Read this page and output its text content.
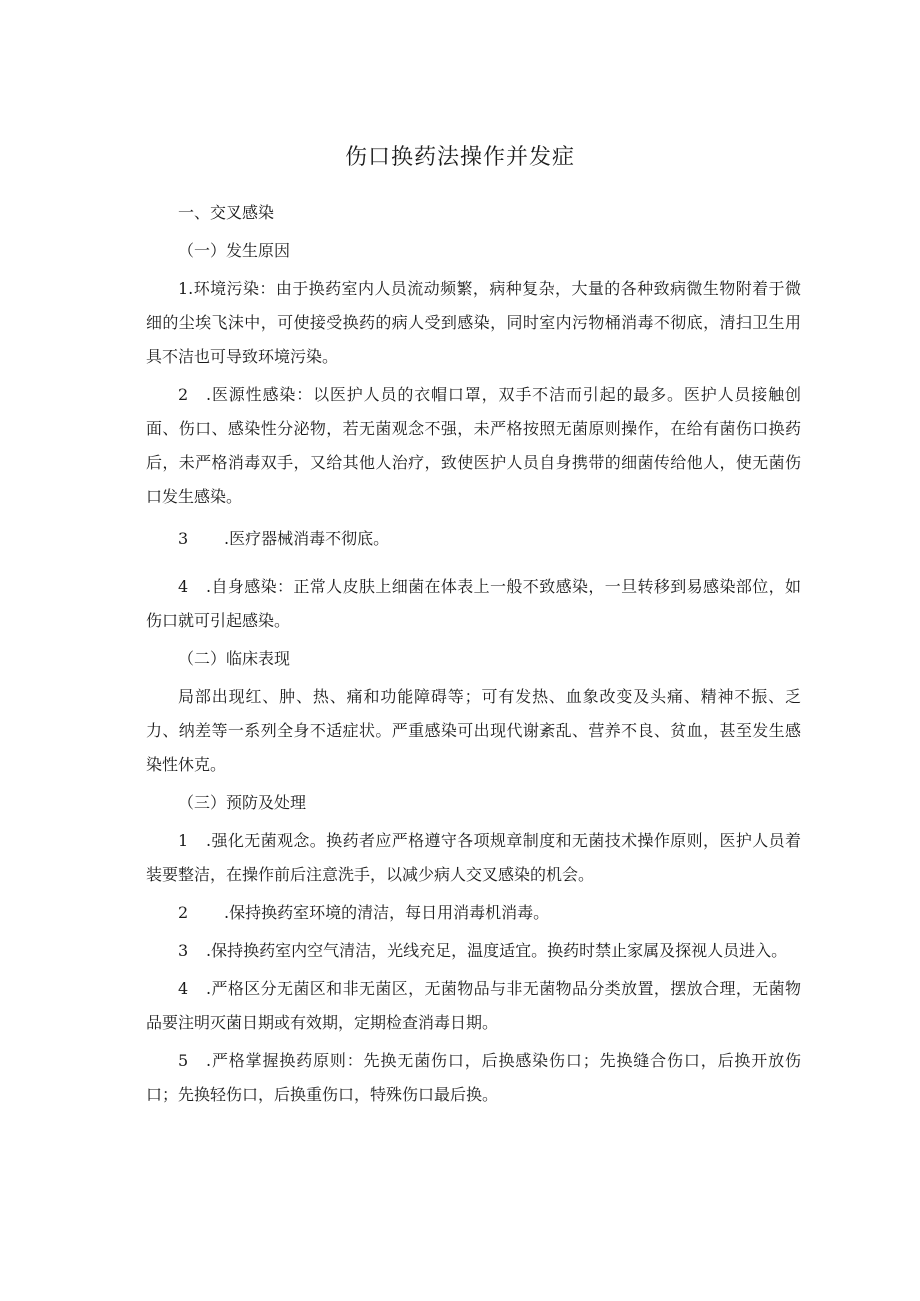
伤口换药法操作并发症

一、交叉感染

（一）发生原因

1.环境污染：由于换药室内人员流动频繁，病种复杂，大量的各种致病微生物附着于微细的尘埃飞沫中，可使接受换药的病人受到感染，同时室内污物桶消毒不彻底，清扫卫生用具不洁也可导致环境污染。

2 .医源性感染：以医护人员的衣帽口罩，双手不洁而引起的最多。医护人员接触创面、伤口、感染性分泌物，若无菌观念不强，未严格按照无菌原则操作，在给有菌伤口换药后，未严格消毒双手，又给其他人治疗，致使医护人员自身携带的细菌传给他人，使无菌伤口发生感染。

3 .医疗器械消毒不彻底。

4 .自身感染：正常人皮肤上细菌在体表上一般不致感染，一旦转移到易感染部位，如伤口就可引起感染。

（二）临床表现

局部出现红、肿、热、痛和功能障碍等；可有发热、血象改变及头痛、精神不振、乏力、纳差等一系列全身不适症状。严重感染可出现代谢紊乱、营养不良、贫血，甚至发生感染性休克。

（三）预防及处理

1 .强化无菌观念。换药者应严格遵守各项规章制度和无菌技术操作原则，医护人员着装要整洁，在操作前后注意洗手，以减少病人交叉感染的机会。

2 .保持换药室环境的清洁，每日用消毒机消毒。

3 .保持换药室内空气清洁，光线充足，温度适宜。换药时禁止家属及探视人员进入。

4 .严格区分无菌区和非无菌区，无菌物品与非无菌物品分类放置，摆放合理，无菌物品要注明灭菌日期或有效期，定期检查消毒日期。

5 .严格掌握换药原则：先换无菌伤口，后换感染伤口；先换缝合伤口，后换开放伤口；先换轻伤口，后换重伤口，特殊伤口最后换。
